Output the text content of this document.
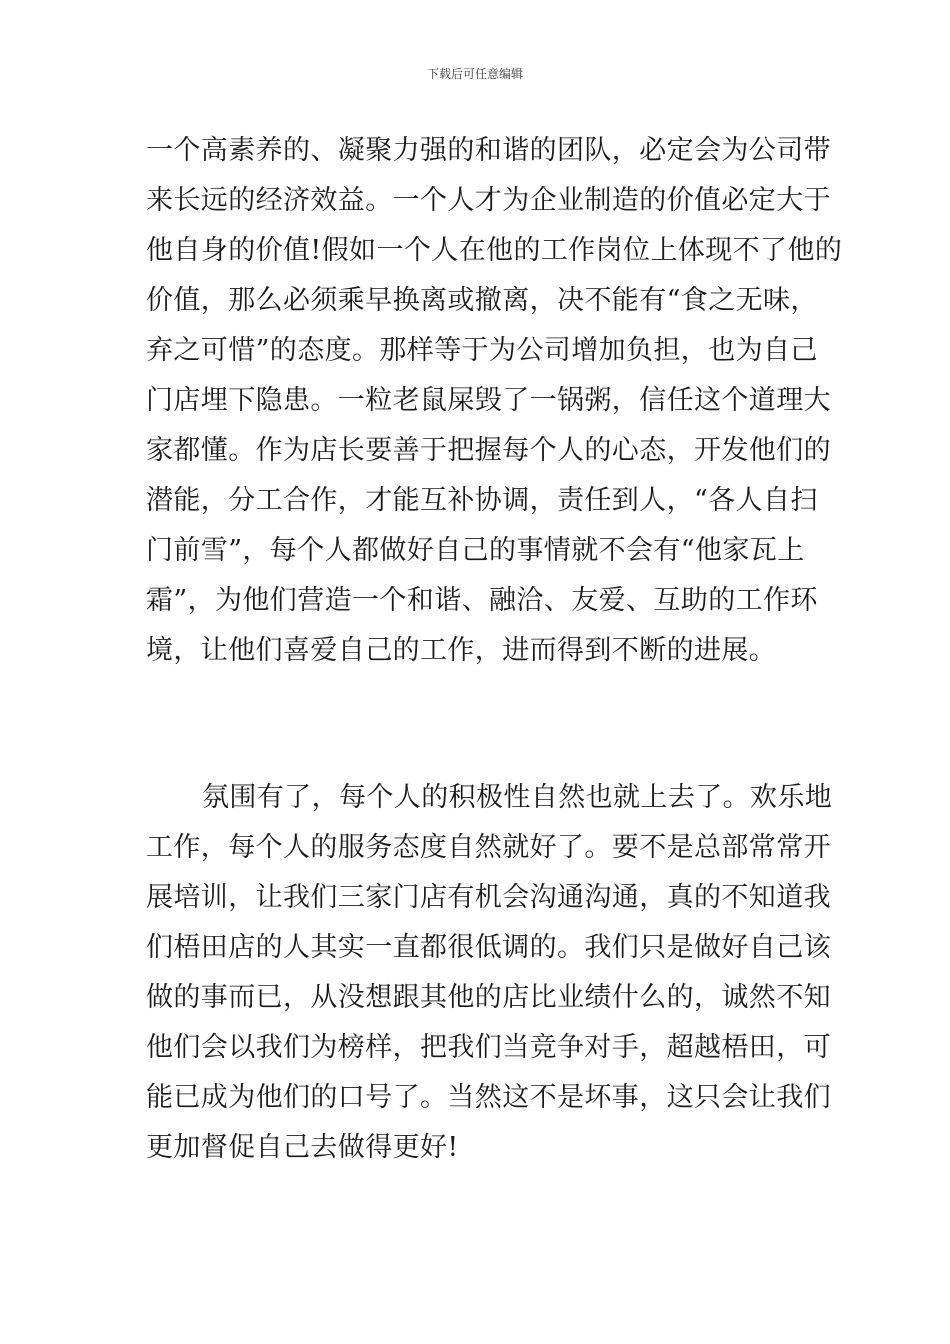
下载后可任意编辑
一个高素养的、凝聚力强的和谐的团队，必定会为公司带
来长远的经济效益。一个人才为企业制造的价值必定大于
他自身的价值!假如一个人在他的工作岗位上体现不了他的
价值，那么必须乘早换离或撤离，决不能有“食之无味，
弃之可惜”的态度。那样等于为公司增加负担，也为自己
门店埋下隐患。一粒老鼠屎毁了一锅粥，信任这个道理大
家都懂。作为店长要善于把握每个人的心态，开发他们的
潜能，分工合作，才能互补协调，责任到人，“各人自扫
门前雪”，每个人都做好自己的事情就不会有“他家瓦上
霜”，为他们营造一个和谐、融洽、友爱、互助的工作环
境，让他们喜爱自己的工作，进而得到不断的进展。
氛围有了，每个人的积极性自然也就上去了。欢乐地
工作，每个人的服务态度自然就好了。要不是总部常常开
展培训，让我们三家门店有机会沟通沟通，真的不知道我
们梧田店的人其实一直都很低调的。我们只是做好自己该
做的事而已，从没想跟其他的店比业绩什么的，诚然不知
他们会以我们为榜样，把我们当竞争对手，超越梧田，可
能已成为他们的口号了。当然这不是坏事，这只会让我们
更加督促自己去做得更好!
